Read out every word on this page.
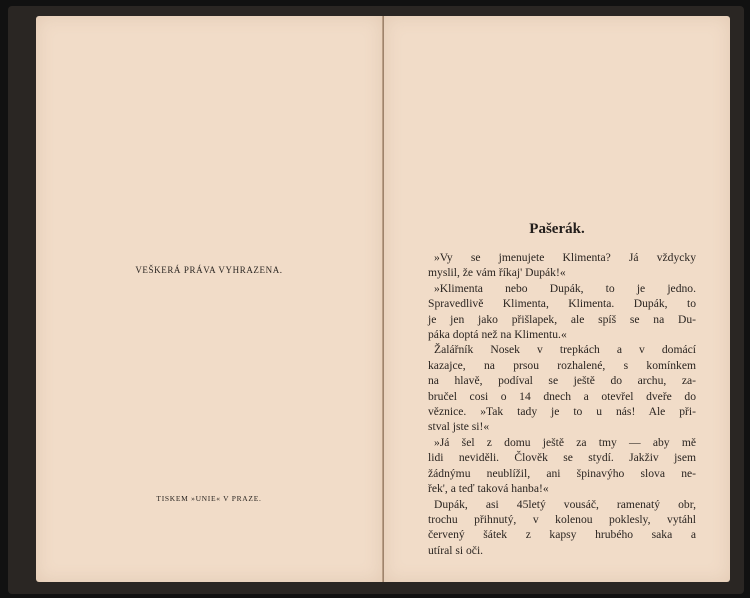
VEŠKERÁ PRÁVA VYHRAZENA.
TISKEM »UNIE« V PRAZE.
Pašerák.
»Vy se jmenujete Klimenta? Já vždycky
myslil, že vám říkaj' Dupák!«
»Klimenta nebo Dupák, to je jedno.
Spravedlivě Klimenta, Klimenta. Dupák, to
je jen jako přišlapek, ale spíš se na Du-
páka doptá než na Klimentu.«
Žalářník Nosek v trepkách a v domácí
kazajce, na prsou rozhalené, s komínkem
na hlavě, podíval se ještě do archu, za-
bručel cosi o 14 dnech a otevřel dveře do
věznice. »Tak tady je to u nás! Ale při-
stval jste si!«
»Já šel z domu ještě za tmy — aby mě
lidi neviděli. Člověk se stydí. Jakživ jsem
žádnýmu neublížil, ani špinavýho slova ne-
řek', a teď taková hanba!«
Dupák, asi 45letý vousáč, ramenatý obr,
trochu přihnutý, v kolenou poklesly, vytáhl
červený šátek z kapsy hrubého saka a
utíral si oči.
